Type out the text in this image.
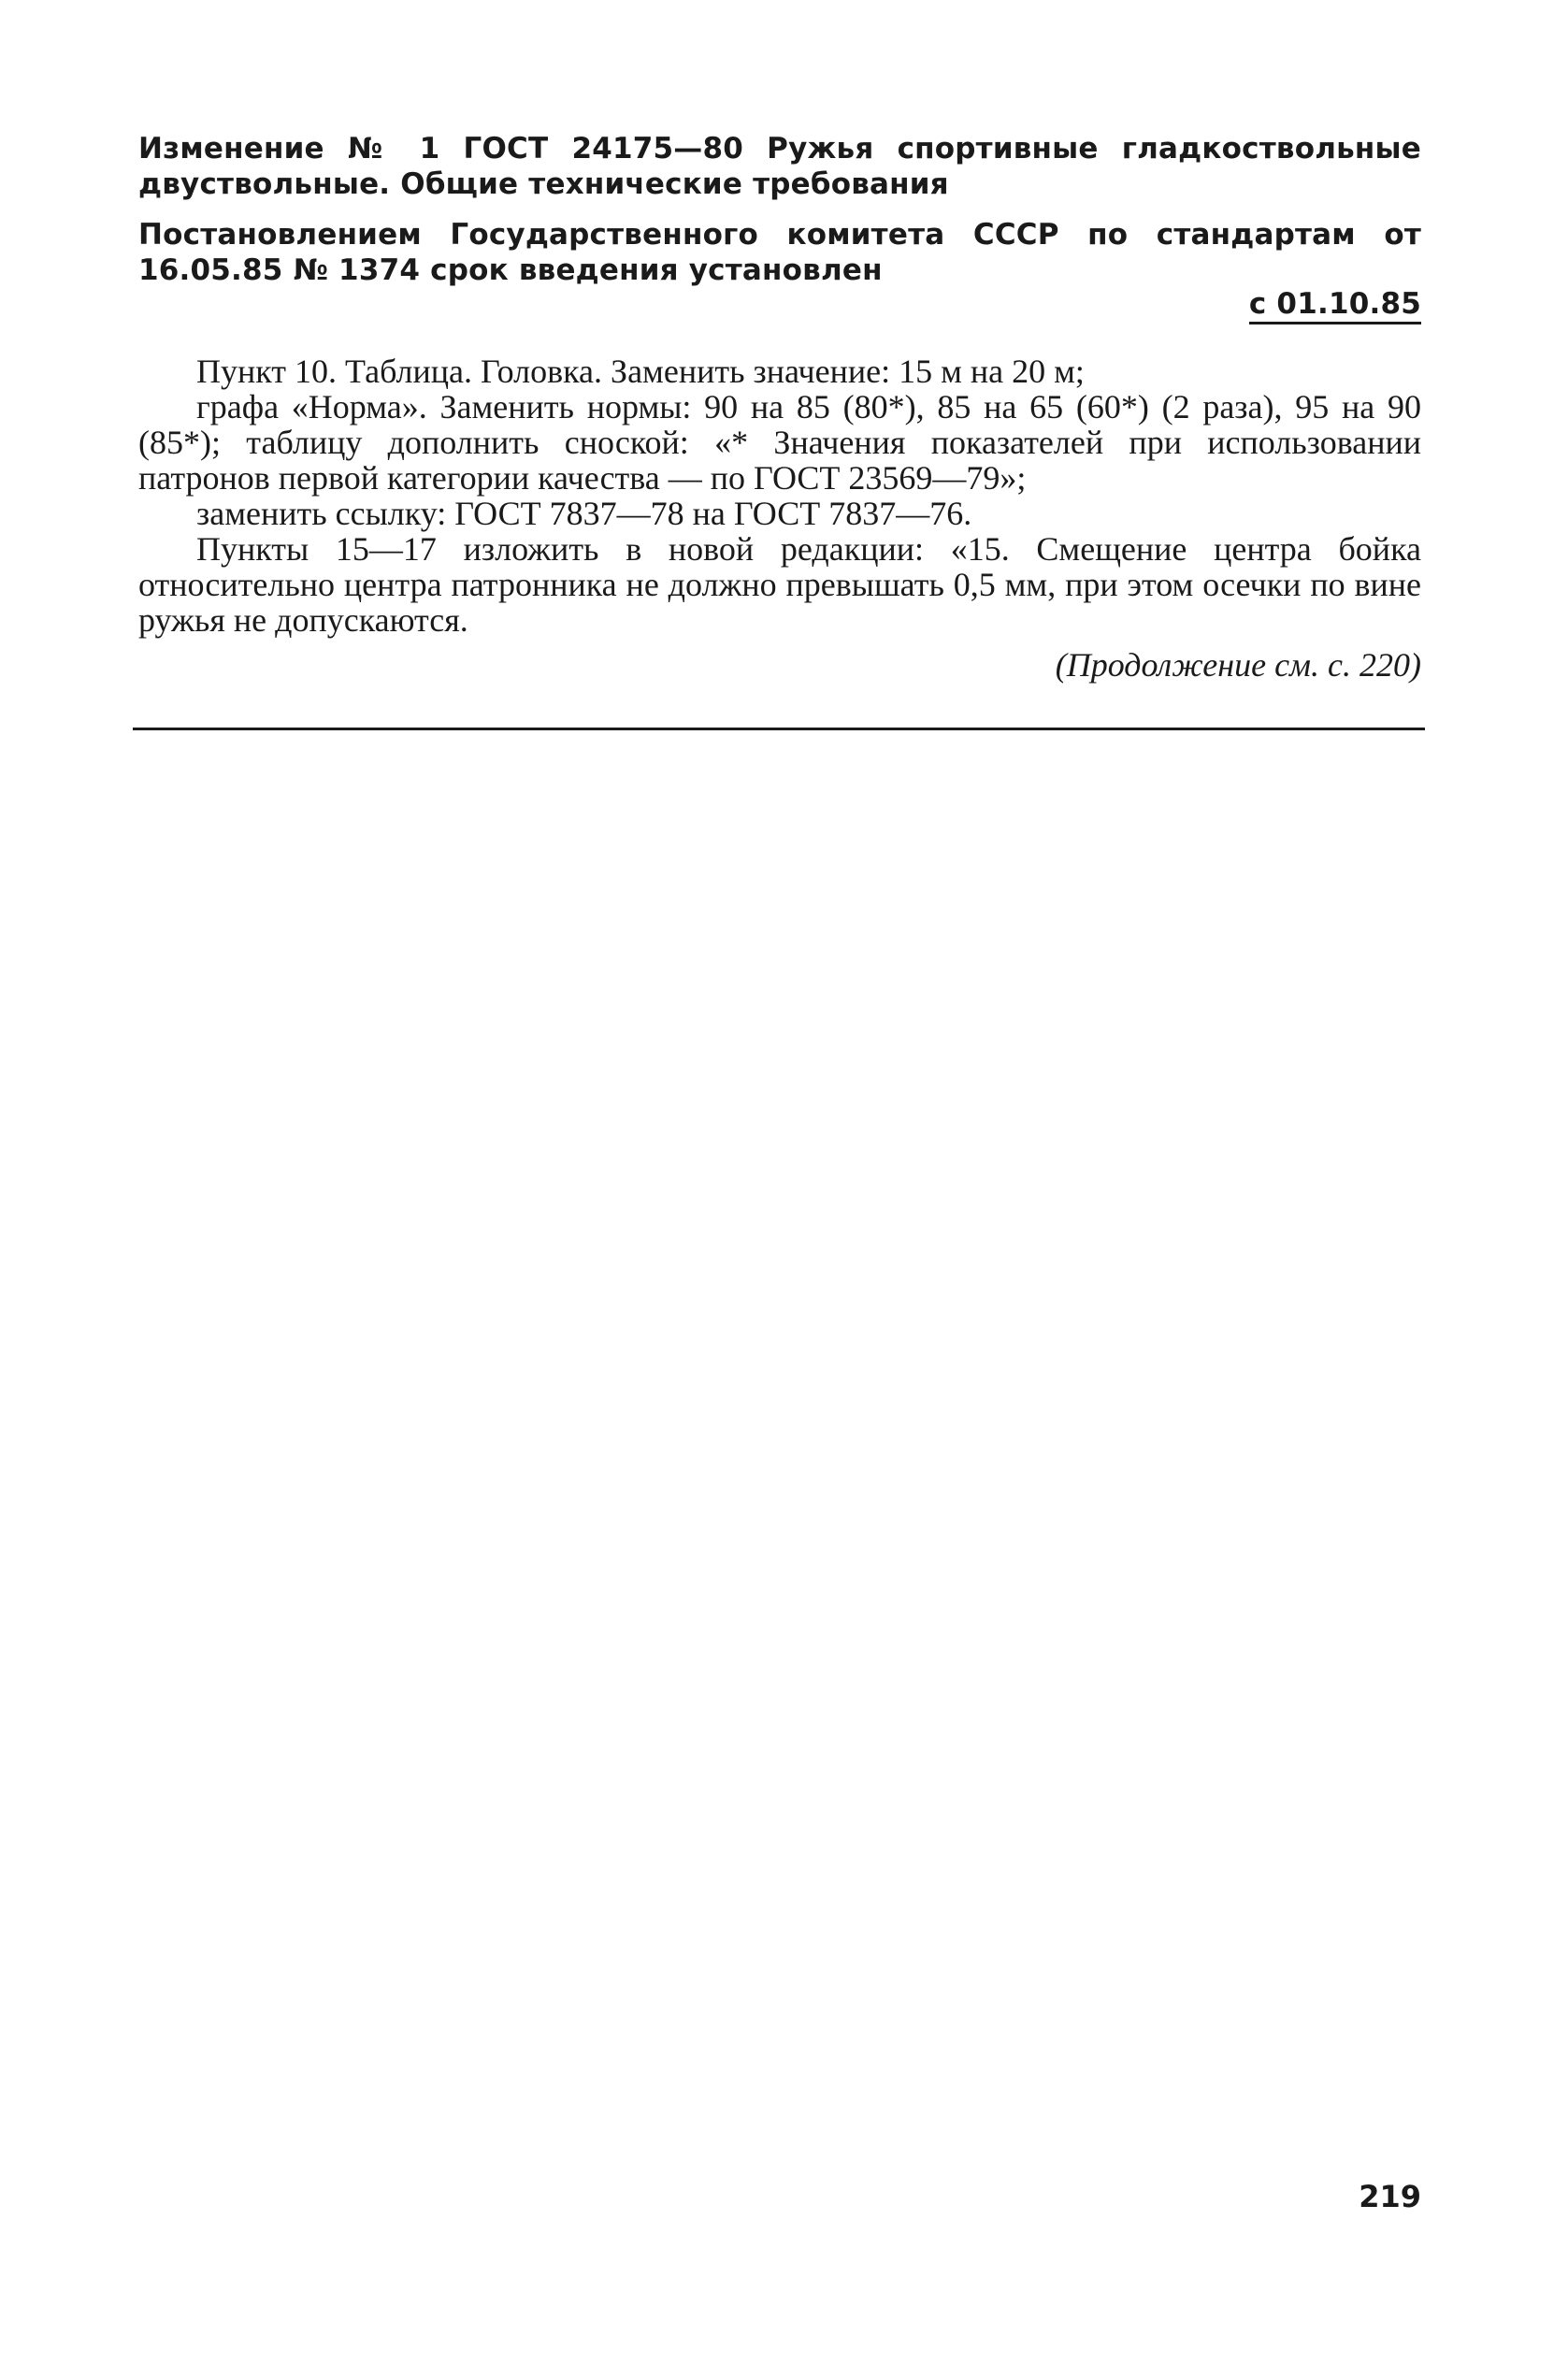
Изменение № 1 ГОСТ 24175—80 Ружья спортивные гладкоствольные двуствольные. Общие технические требования
Постановлением Государственного комитета СССР по стандартам от 16.05.85 № 1374 срок введения установлен
с 01.10.85

Пункт 10. Таблица. Головка. Заменить значение: 15 м на 20 м;

графа «Норма». Заменить нормы: 90 на 85 (80*), 85 на 65 (60*) (2 раза), 95 на 90 (85*); таблицу дополнить сноской: «* Значения показателей при использовании патронов первой категории качества — по ГОСТ 23569—79»;

заменить ссылку: ГОСТ 7837—78 на ГОСТ 7837—76.

Пункты 15—17 изложить в новой редакции: «15. Смещение центра бойка относительно центра патронника не должно превышать 0,5 мм, при этом осечки по вине ружья не допускаются.

(Продолжение см. с. 220)
219
